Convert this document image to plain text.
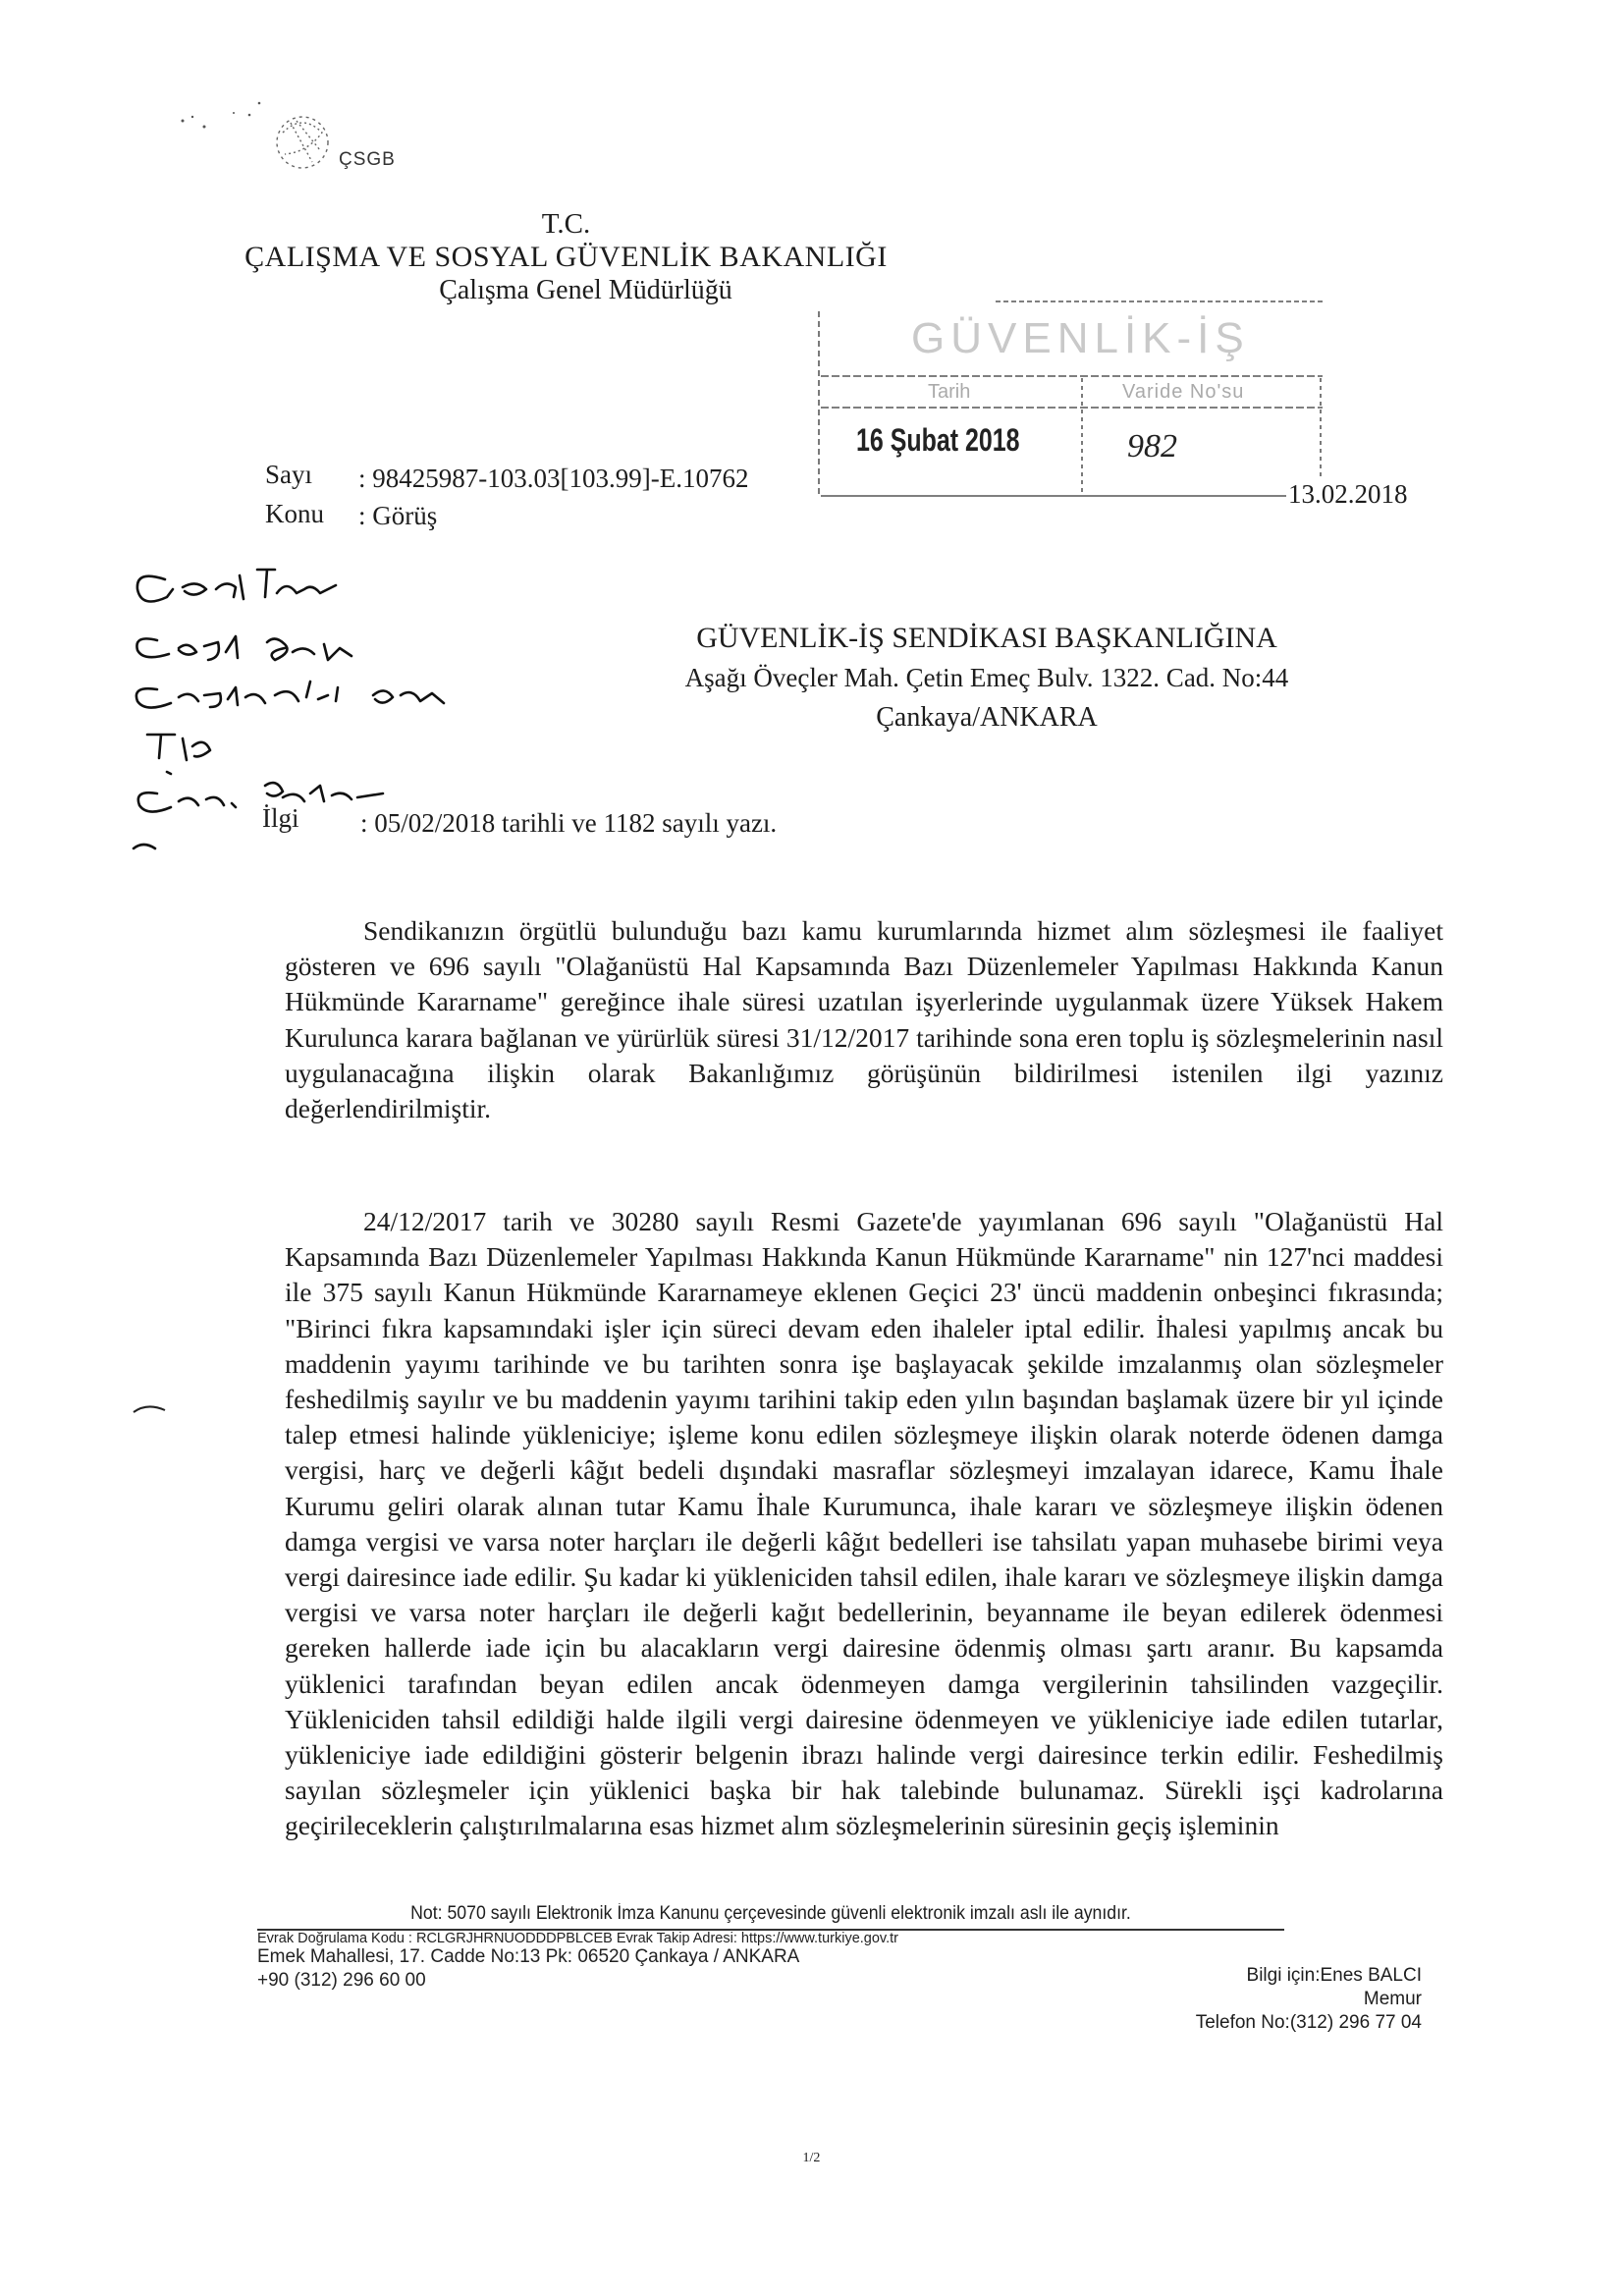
ÇSGB
T.C.
ÇALIŞMA VE SOSYAL GÜVENLİK BAKANLIĞI
Çalışma Genel Müdürlüğü
GÜVENLİK-İŞ
Tarih	Varide No'su
16 Şubat 2018	982
Sayı : 98425987-103.03[103.99]-E.10762
Konu : Görüş
13.02.2018
GÜVENLİK-İŞ SENDİKASI BAŞKANLIĞINA
Aşağı Öveçler Mah. Çetin Emeç Bulv. 1322. Cad. No:44
Çankaya/ANKARA
İlgi : 05/02/2018 tarihli ve 1182 sayılı yazı.

Sendikanızın örgütlü bulunduğu bazı kamu kurumlarında hizmet alım sözleşmesi ile faaliyet gösteren ve 696 sayılı "Olağanüstü Hal Kapsamında Bazı Düzenlemeler Yapılması Hakkında Kanun Hükmünde Kararname" gereğince ihale süresi uzatılan işyerlerinde uygulanmak üzere Yüksek Hakem Kurulunca karara bağlanan ve yürürlük süresi 31/12/2017 tarihinde sona eren toplu iş sözleşmelerinin nasıl uygulanacağına ilişkin olarak Bakanlığımız görüşünün bildirilmesi istenilen ilgi yazınız değerlendirilmiştir.

24/12/2017 tarih ve 30280 sayılı Resmi Gazete'de yayımlanan 696 sayılı "Olağanüstü Hal Kapsamında Bazı Düzenlemeler Yapılması Hakkında Kanun Hükmünde Kararname" nin 127'nci maddesi ile 375 sayılı Kanun Hükmünde Kararnameye eklenen Geçici 23' üncü maddenin onbeşinci fıkrasında; "Birinci fıkra kapsamındaki işler için süreci devam eden ihaleler iptal edilir. İhalesi yapılmış ancak bu maddenin yayımı tarihinde ve bu tarihten sonra işe başlayacak şekilde imzalanmış olan sözleşmeler feshedilmiş sayılır ve bu maddenin yayımı tarihini takip eden yılın başından başlamak üzere bir yıl içinde talep etmesi halinde yükleniciye; işleme konu edilen sözleşmeye ilişkin olarak noterde ödenen damga vergisi, harç ve değerli kâğıt bedeli dışındaki masraflar sözleşmeyi imzalayan idarece, Kamu İhale Kurumu geliri olarak alınan tutar Kamu İhale Kurumunca, ihale kararı ve sözleşmeye ilişkin ödenen damga vergisi ve varsa noter harçları ile değerli kâğıt bedelleri ise tahsilatı yapan muhasebe birimi veya vergi dairesince iade edilir. Şu kadar ki yükleniciden tahsil edilen, ihale kararı ve sözleşmeye ilişkin damga vergisi ve varsa noter harçları ile değerli kağıt bedellerinin, beyanname ile beyan edilerek ödenmesi gereken hallerde iade için bu alacakların vergi dairesine ödenmiş olması şartı aranır. Bu kapsamda yüklenici tarafından beyan edilen ancak ödenmeyen damga vergilerinin tahsilinden vazgeçilir. Yükleniciden tahsil edildiği halde ilgili vergi dairesine ödenmeyen ve yükleniciye iade edilen tutarlar, yükleniciye iade edildiğini gösterir belgenin ibrazı halinde vergi dairesince terkin edilir. Feshedilmiş sayılan sözleşmeler için yüklenici başka bir hak talebinde bulunamaz. Sürekli işçi kadrolarına geçirileceklerin çalıştırılmalarına esas hizmet alım sözleşmelerinin süresinin geçiş işleminin

Not: 5070 sayılı Elektronik İmza Kanunu çerçevesinde güvenli elektronik imzalı aslı ile aynıdır.
Evrak Doğrulama Kodu : RCLGRJHRNUODDDPBLCEB Evrak Takip Adresi: https://www.turkiye.gov.tr
Emek Mahallesi, 17. Cadde No:13 Pk: 06520 Çankaya / ANKARA
+90 (312) 296 60 00	Bilgi için:Enes BALCI
Memur
Telefon No:(312) 296 77 04
1/2
